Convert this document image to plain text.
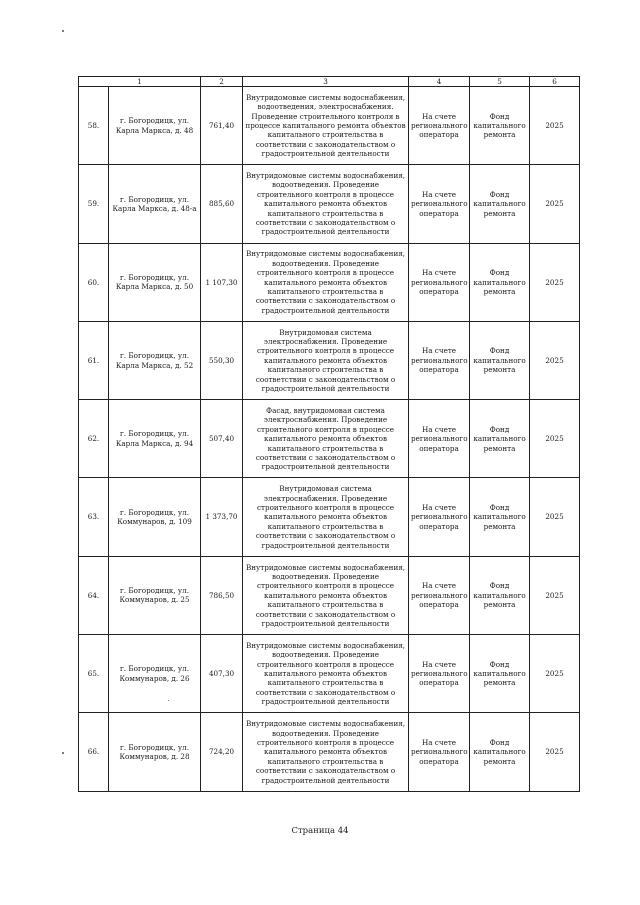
1		2	3	4	5	6
58.	г. Богородицк, ул. Карла Маркса, д. 48	761,40	Внутридомовые системы водоснабжения, водоотведения, электроснабжения. Проведение строительного контроля в процессе капитального ремонта объектов капитального строительства в соответствии с законодательством о градостроительной деятельности	На счете регионального оператора	Фонд капитального ремонта	2025
59.	г. Богородицк, ул. Карла Маркса, д. 48-а	885,60	Внутридомовые системы водоснабжения, водоотведения. Проведение строительного контроля в процессе капитального ремонта объектов капитального строительства в соответствии с законодательством о градостроительной деятельности	На счете регионального оператора	Фонд капитального ремонта	2025
60.	г. Богородицк, ул. Карла Маркса, д. 50	1 107,30	Внутридомовые системы водоснабжения, водоотведения. Проведение строительного контроля в процессе капитального ремонта объектов капитального строительства в соответствии с законодательством о градостроительной деятельности	На счете регионального оператора	Фонд капитального ремонта	2025
61.	г. Богородицк, ул. Карла Маркса, д. 52	550,30	Внутридомовая система электроснабжения. Проведение строительного контроля в процессе капитального ремонта объектов капитального строительства в соответствии с законодательством о градостроительной деятельности	На счете регионального оператора	Фонд капитального ремонта	2025
62.	г. Богородицк, ул. Карла Маркса, д. 94	507,40	Фасад, внутридомовая система электроснабжения. Проведение строительного контроля в процессе капитального ремонта объектов капитального строительства в соответствии с законодательством о градостроительной деятельности	На счете регионального оператора	Фонд капитального ремонта	2025
63.	г. Богородицк, ул. Коммунаров, д. 109	1 373,70	Внутридомовая система электроснабжения. Проведение строительного контроля в процессе капитального ремонта объектов капитального строительства в соответствии с законодательством о градостроительной деятельности	На счете регионального оператора	Фонд капитального ремонта	2025
64.	г. Богородицк, ул. Коммунаров, д. 25	786,50	Внутридомовые системы водоснабжения, водоотведения. Проведение строительного контроля в процессе капитального ремонта объектов капитального строительства в соответствии с законодательством о градостроительной деятельности	На счете регионального оператора	Фонд капитального ремонта	2025
65.	г. Богородицк, ул. Коммунаров, д. 26	407,30	Внутридомовые системы водоснабжения, водоотведения. Проведение строительного контроля в процессе капитального ремонта объектов капитального строительства в соответствии с законодательством о градостроительной деятельности	На счете регионального оператора	Фонд капитального ремонта	2025
66.	г. Богородицк, ул. Коммунаров, д. 28	724,20	Внутридомовые системы водоснабжения, водоотведения. Проведение строительного контроля в процессе капитального ремонта объектов капитального строительства в соответствии с законодательством о градостроительной деятельности	На счете регионального оператора	Фонд капитального ремонта	2025
Страница 44
